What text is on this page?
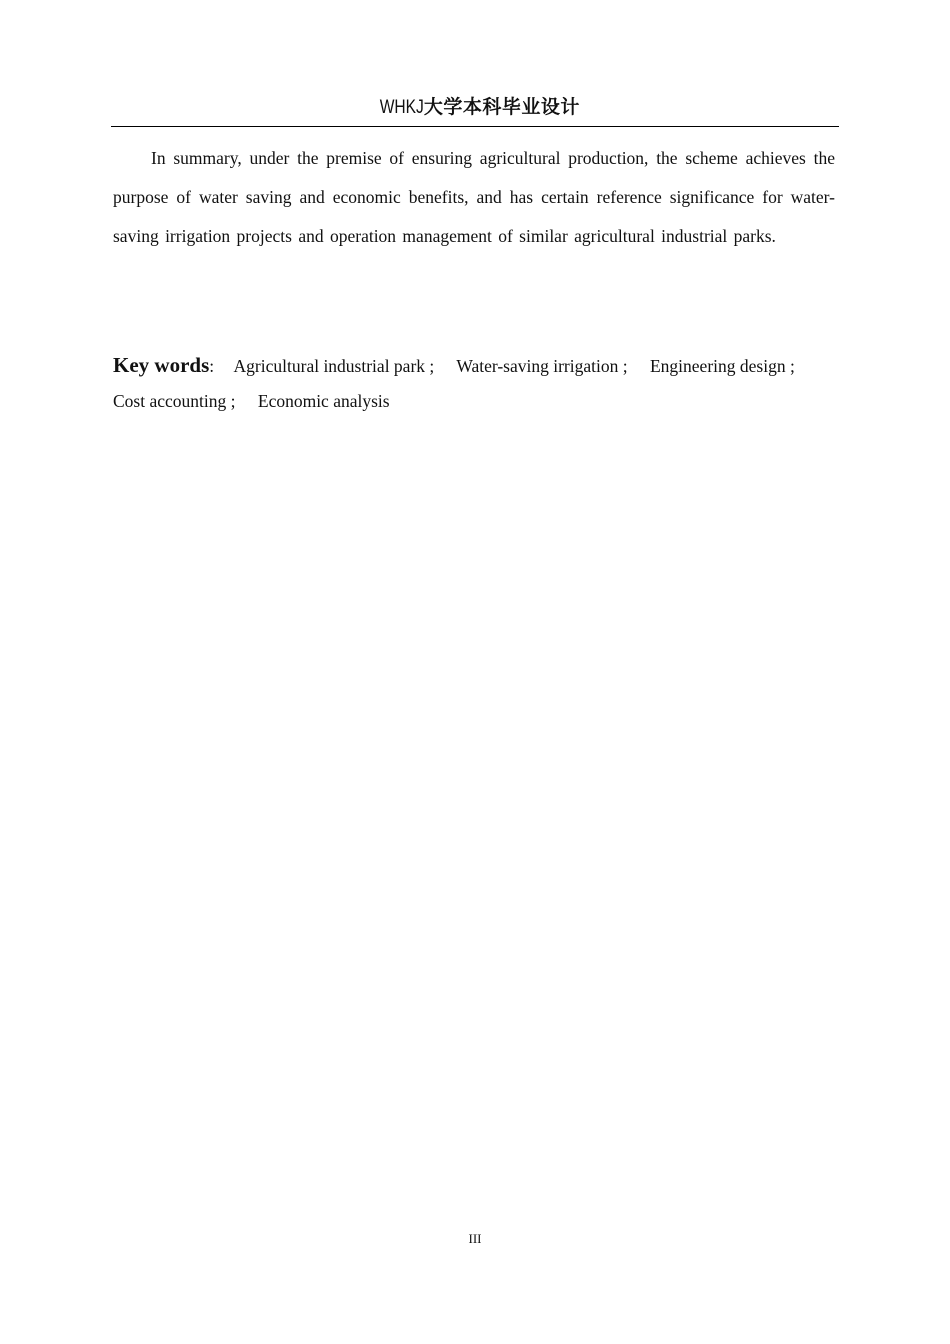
WHKJ大学本科毕业设计

In summary, under the premise of ensuring agricultural production, the scheme achieves the purpose of water saving and economic benefits, and has certain reference significance for water-saving irrigation projects and operation management of similar agricultural industrial parks.

Key words: Agricultural industrial park ; Water-saving irrigation ; Engineering design ; Cost accounting ; Economic analysis

III
